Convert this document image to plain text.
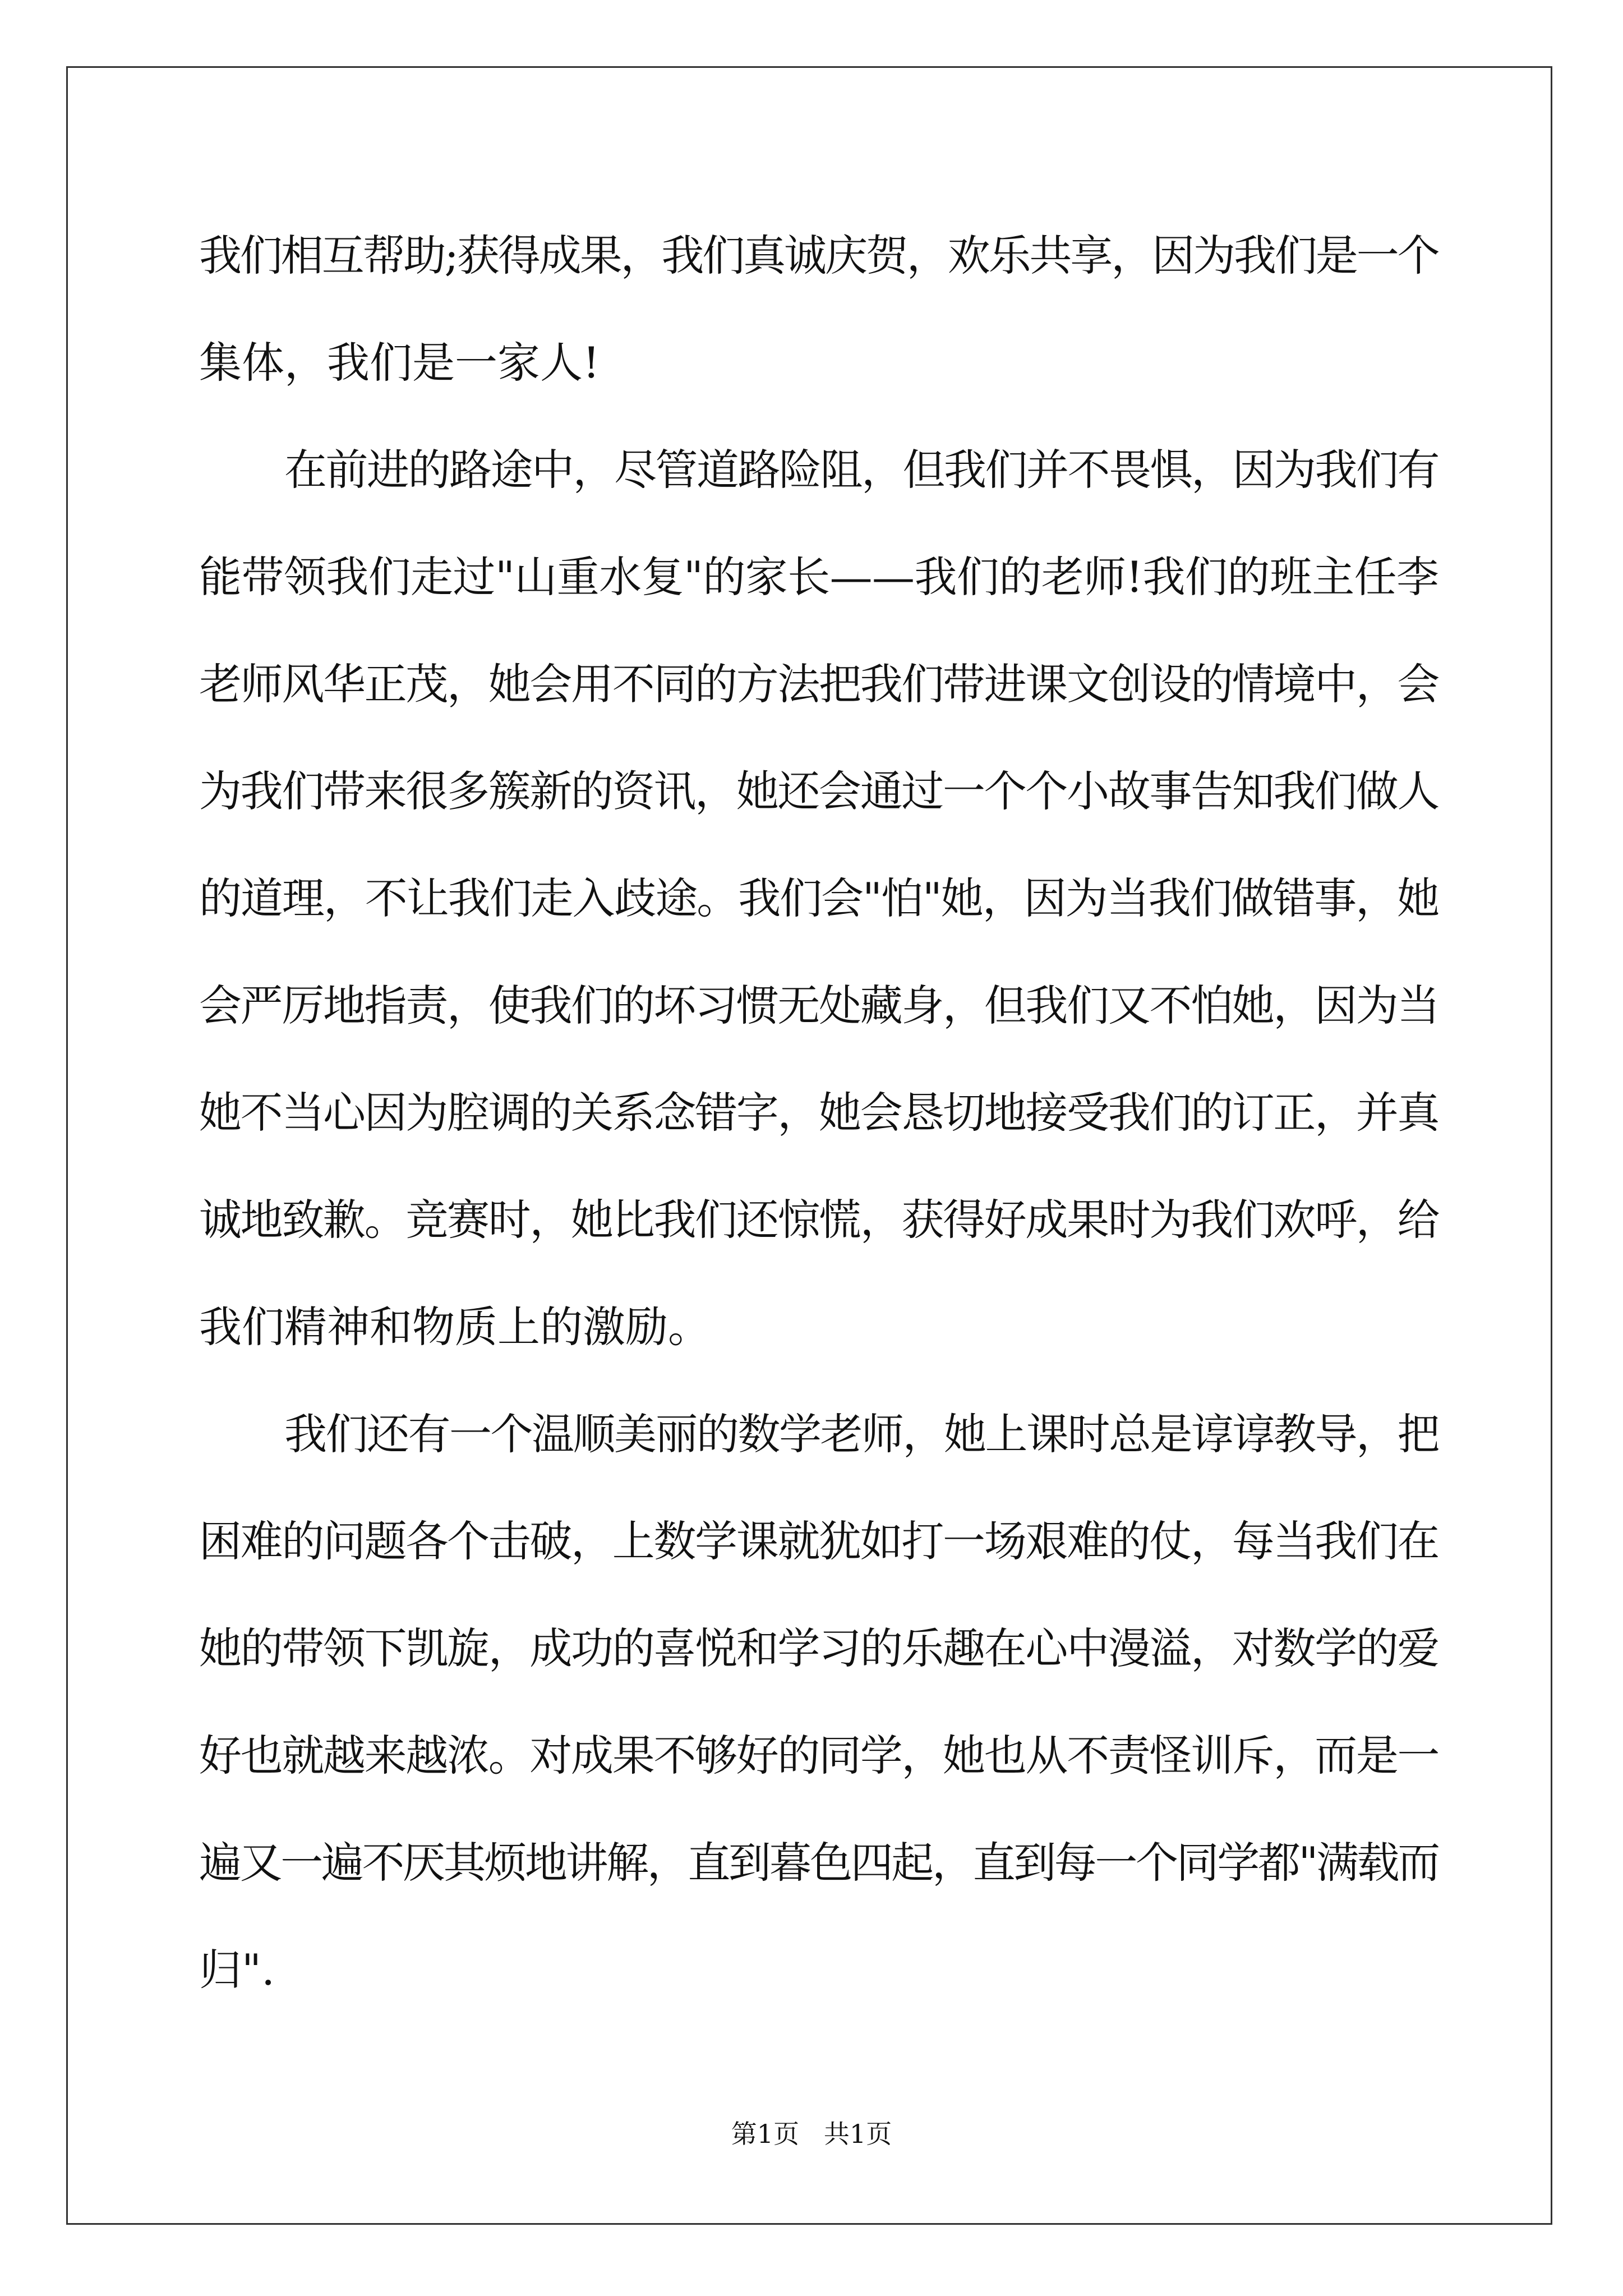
我们相互帮助;获得成果，我们真诚庆贺，欢乐共享，因为我们是一个
集体，我们是一家人!
在前进的路途中，尽管道路险阻，但我们并不畏惧，因为我们有
能带领我们走过"山重水复"的家长——我们的老师!我们的班主任李
老师风华正茂，她会用不同的方法把我们带进课文创设的情境中，会
为我们带来很多簇新的资讯，她还会通过一个个小故事告知我们做人
的道理，不让我们走入歧途。我们会"怕"她，因为当我们做错事，她
会严厉地指责，使我们的坏习惯无处藏身，但我们又不怕她，因为当
她不当心因为腔调的关系念错字，她会恳切地接受我们的订正，并真
诚地致歉。竞赛时，她比我们还惊慌，获得好成果时为我们欢呼，给
我们精神和物质上的激励。
我们还有一个温顺美丽的数学老师，她上课时总是谆谆教导，把
困难的问题各个击破，上数学课就犹如打一场艰难的仗，每当我们在
她的带领下凯旋，成功的喜悦和学习的乐趣在心中漫溢，对数学的爱
好也就越来越浓。对成果不够好的同学，她也从不责怪训斥，而是一
遍又一遍不厌其烦地讲解，直到暮色四起，直到每一个同学都"满载而
归".
第1页   共1页
